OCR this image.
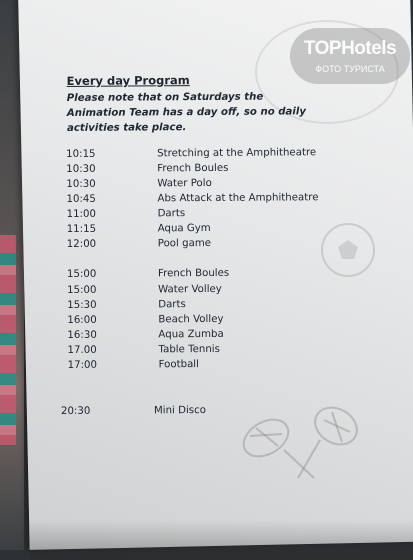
TOPHotels
ФОТО ТУРИСТА
Every day Program
Please note that on Saturdays the Animation Team has a day off, so no daily activities take place.
10:15	Stretching at the Amphitheatre
10:30	French Boules
10:30	Water Polo
10:45	Abs Attack at the Amphitheatre
11:00	Darts
11:15	Aqua Gym
12:00	Pool game
15:00	French Boules
15:00	Water Volley
15:30	Darts
16:00	Beach Volley
16:30	Aqua Zumba
17.00	Table Tennis
17:00	Football
20:30	Mini Disco
